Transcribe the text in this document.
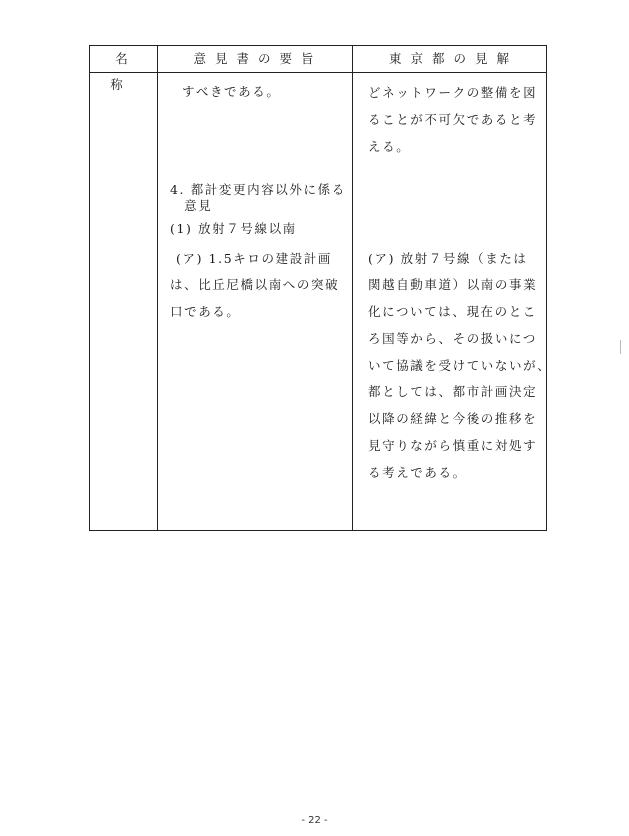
名 称
意見書の要旨	東京都の見解
すべきである。
4. 都計変更内容以外に係る
　意見
(1) 放射７号線以南
(ア) 1.5キロの建設計画
は、比丘尼橋以南への突破
口である。
どネットワークの整備を図
ることが不可欠であると考
える。
(ア) 放射７号線（または
関越自動車道）以南の事業
化については、現在のとこ
ろ国等から、その扱いにつ
いて協議を受けていないが、
都としては、都市計画決定
以降の経緯と今後の推移を
見守りながら慎重に対処す
る考えである。
- 22 -
